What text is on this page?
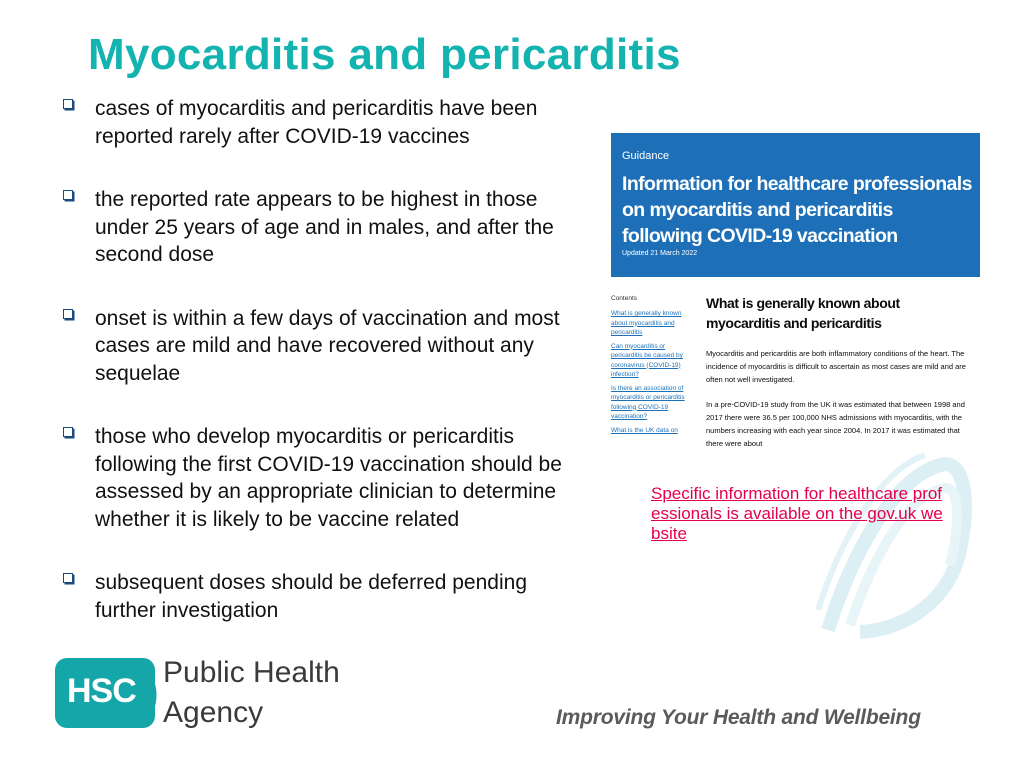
Myocarditis and pericarditis
cases of myocarditis and pericarditis have been reported rarely after COVID-19 vaccines
the reported rate appears to be highest in those under 25 years of age and in males, and after the second dose
onset is within a few days of vaccination and most cases are mild and have recovered without any sequelae
those who develop myocarditis or pericarditis following the first COVID-19 vaccination should be assessed by an appropriate clinician to determine whether it is likely to be vaccine related
subsequent doses should be deferred pending further investigation
Guidance
Information for healthcare professionals on myocarditis and pericarditis following COVID-19 vaccination
Updated 21 March 2022
Contents
What is generally known about myocarditis and pericarditis
Can myocarditis or pericarditis be caused by coronavirus (COVID-19) infection?
Is there an association of myocarditis or pericarditis following COVID-19 vaccination?
What is the UK data on
What is generally known about myocarditis and pericarditis

Myocarditis and pericarditis are both inflammatory conditions of the heart. The incidence of myocarditis is difficult to ascertain as most cases are mild and are often not well investigated.

In a pre-COVID-19 study from the UK it was estimated that between 1998 and 2017 there were 36.5 per 100,000 NHS admissions with myocarditis, with the numbers increasing with each year since 2004. In 2017 it was estimated that there were about

Specific information for healthcare professionals is available on the gov.uk website
HSC Public Health
Agency	Improving Your Health and Wellbeing
